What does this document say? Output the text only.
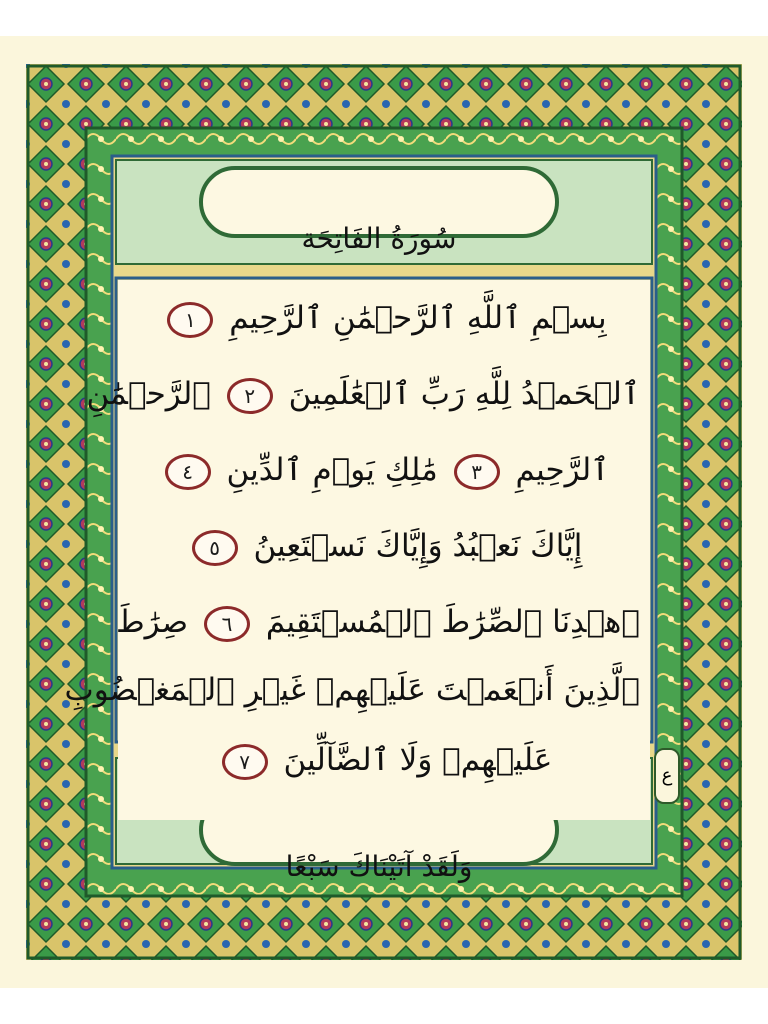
سُورَةُ الفَاتِحَة
وَلَقَدْ آتَيْنَاكَ سَبْعًا
بِسۡمِ ٱللَّهِ ٱلرَّحۡمَٰنِ ٱلرَّحِيمِ ١
ٱلۡحَمۡدُ لِلَّهِ رَبِّ ٱلۡعَٰلَمِينَ ٢ ٱلرَّحۡمَٰنِ
ٱلرَّحِيمِ ٣ مَٰلِكِ يَوۡمِ ٱلدِّينِ ٤
إِيَّاكَ نَعۡبُدُ وَإِيَّاكَ نَسۡتَعِينُ ٥
ٱهۡدِنَا ٱلصِّرَٰطَ ٱلۡمُسۡتَقِيمَ ٦ صِرَٰطَ
ٱلَّذِينَ أَنۡعَمۡتَ عَلَيۡهِمۡ غَيۡرِ ٱلۡمَغۡضُوبِ
عَلَيۡهِمۡ وَلَا ٱلضَّآلِّينَ ٧
ع
